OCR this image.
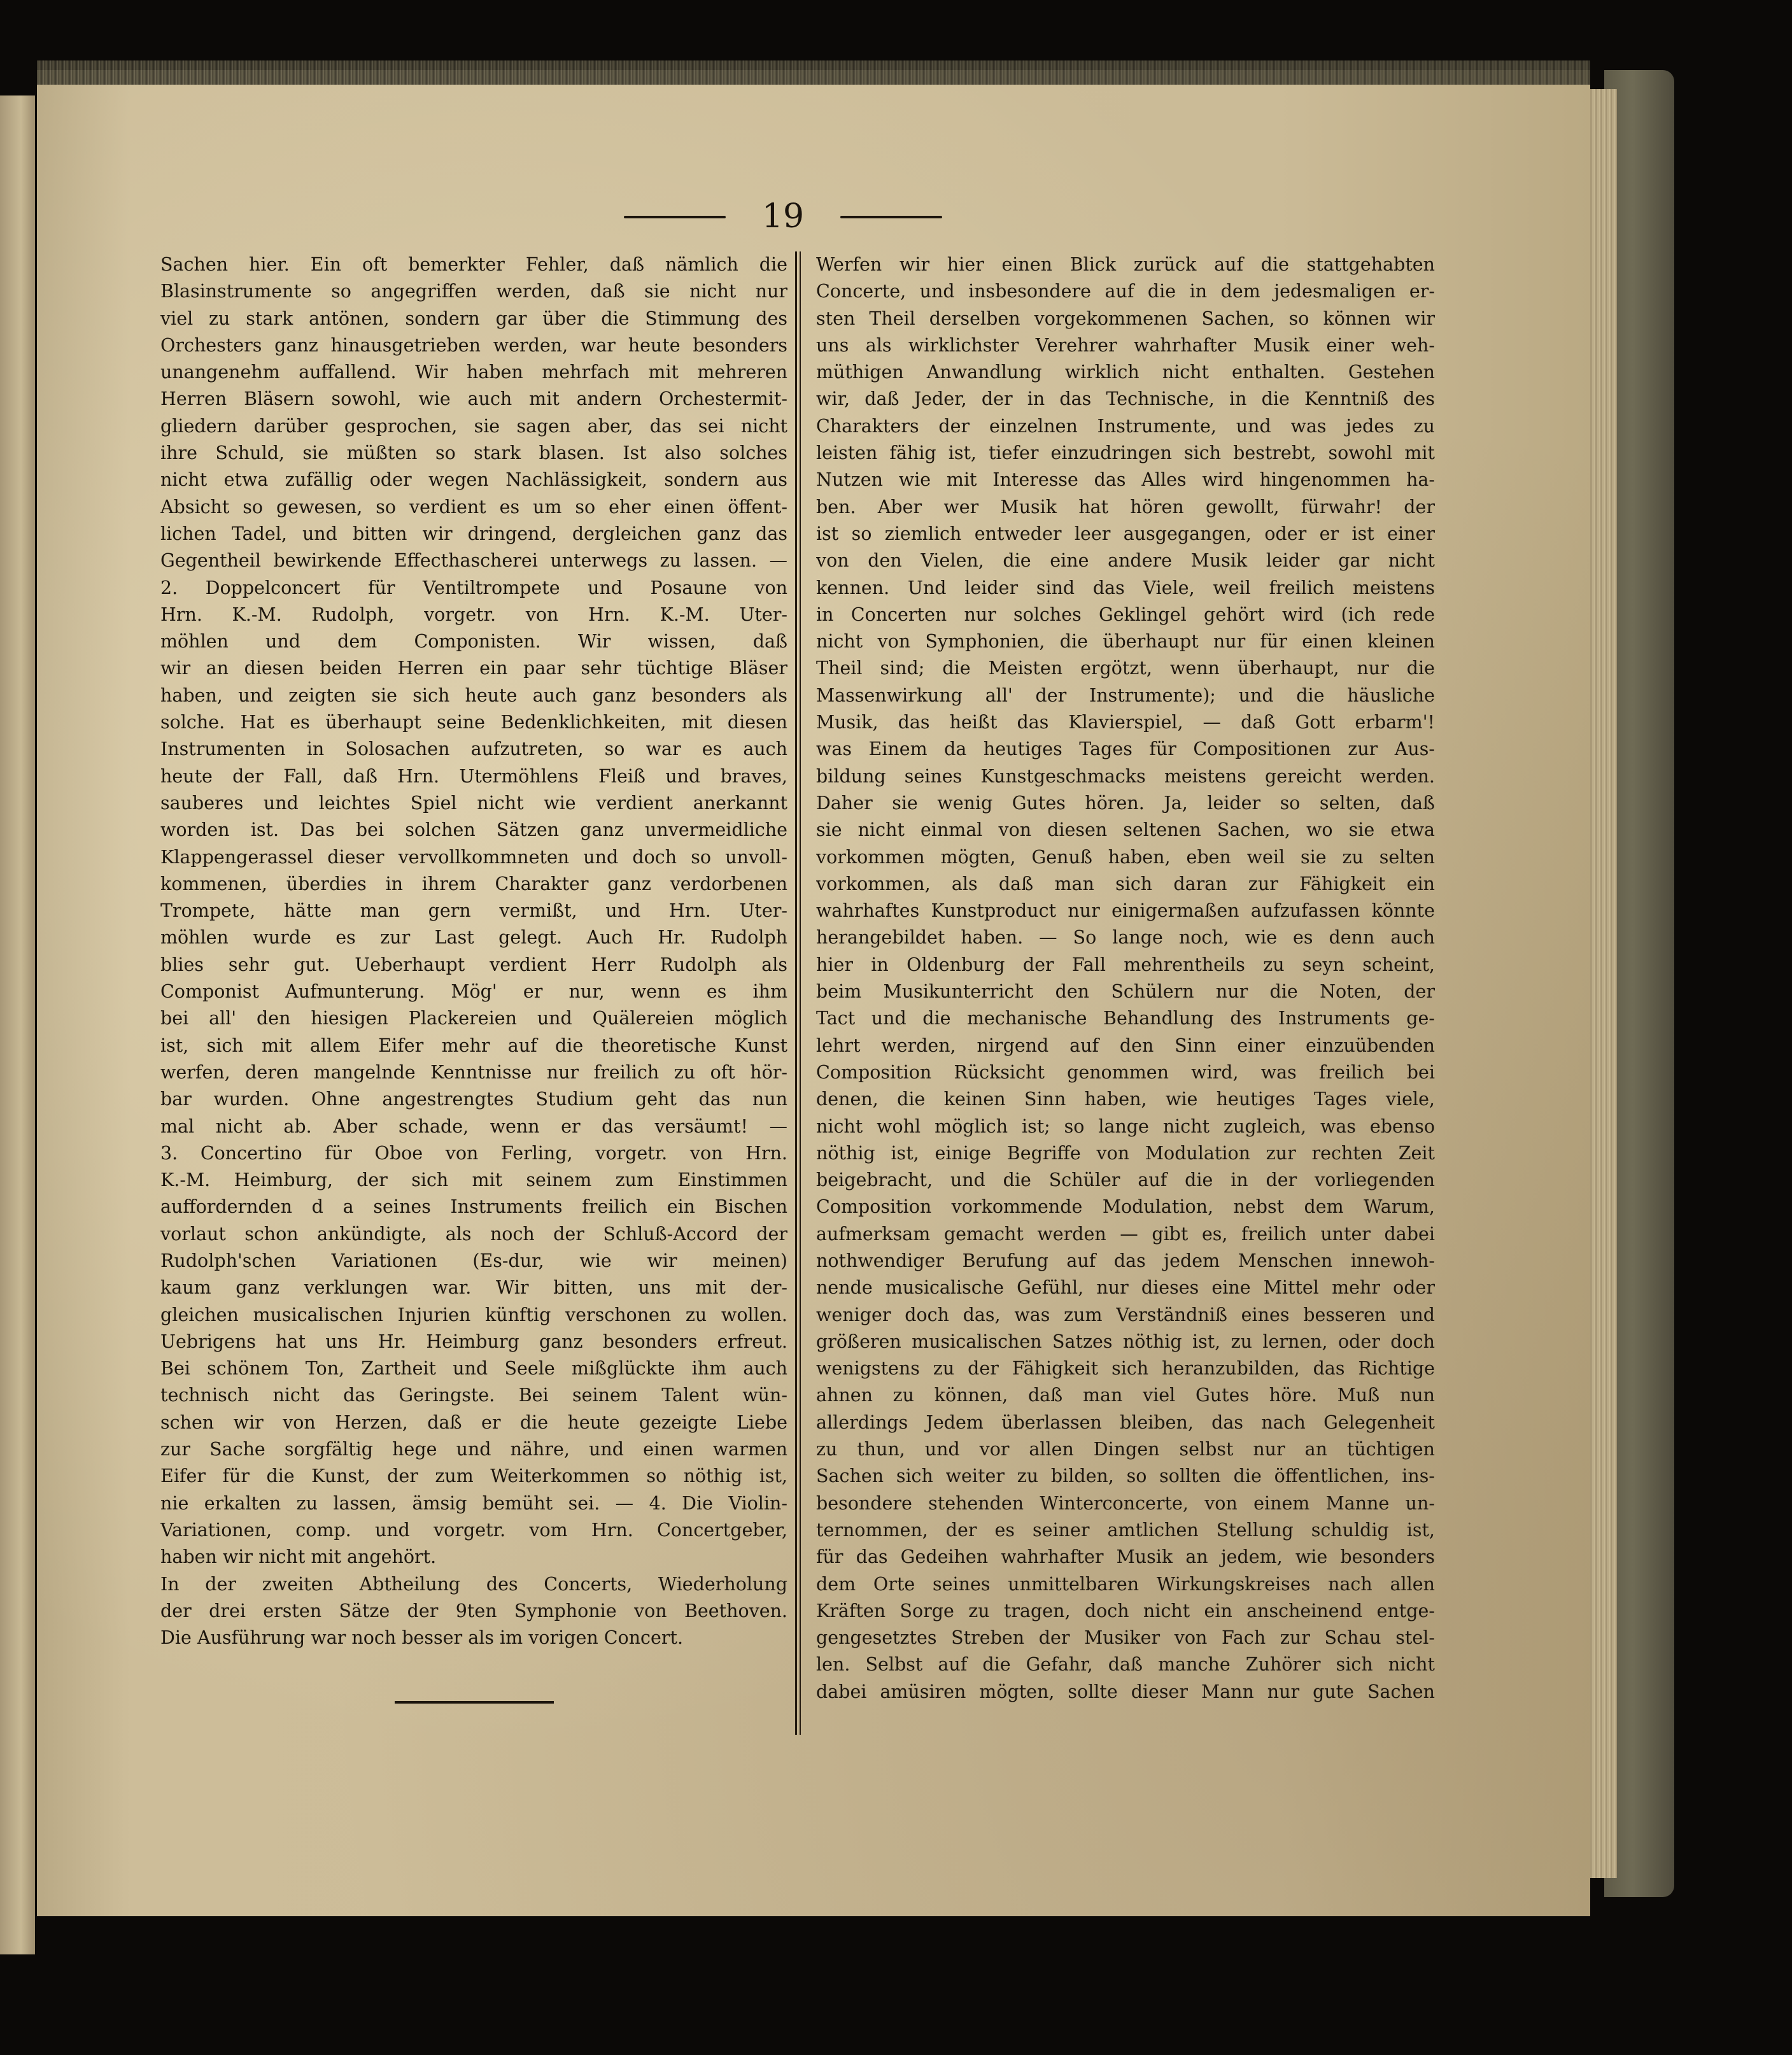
19
Sachen hier. Ein oft bemerkter Fehler, daß nämlich die
Blasinstrumente so angegriffen werden, daß sie nicht nur
viel zu stark antönen, sondern gar über die Stimmung des
Orchesters ganz hinausgetrieben werden, war heute besonders
unangenehm auffallend. Wir haben mehrfach mit mehreren
Herren Bläsern sowohl, wie auch mit andern Orchestermit-
gliedern darüber gesprochen, sie sagen aber, das sei nicht
ihre Schuld, sie müßten so stark blasen. Ist also solches
nicht etwa zufällig oder wegen Nachlässigkeit, sondern aus
Absicht so gewesen, so verdient es um so eher einen öffent-
lichen Tadel, und bitten wir dringend, dergleichen ganz das
Gegentheil bewirkende Effecthascherei unterwegs zu lassen. —
2. Doppelconcert für Ventiltrompete und Posaune von
Hrn. K.-M. Rudolph, vorgetr. von Hrn. K.-M. Uter-
möhlen und dem Componisten. Wir wissen, daß
wir an diesen beiden Herren ein paar sehr tüchtige Bläser
haben, und zeigten sie sich heute auch ganz besonders als
solche. Hat es überhaupt seine Bedenklichkeiten, mit diesen
Instrumenten in Solosachen aufzutreten, so war es auch
heute der Fall, daß Hrn. Utermöhlens Fleiß und braves,
sauberes und leichtes Spiel nicht wie verdient anerkannt
worden ist. Das bei solchen Sätzen ganz unvermeidliche
Klappengerassel dieser vervollkommneten und doch so unvoll-
kommenen, überdies in ihrem Charakter ganz verdorbenen
Trompete, hätte man gern vermißt, und Hrn. Uter-
möhlen wurde es zur Last gelegt. Auch Hr. Rudolph
blies sehr gut. Ueberhaupt verdient Herr Rudolph als
Componist Aufmunterung. Mög' er nur, wenn es ihm
bei all' den hiesigen Plackereien und Quälereien möglich
ist, sich mit allem Eifer mehr auf die theoretische Kunst
werfen, deren mangelnde Kenntnisse nur freilich zu oft hör-
bar wurden. Ohne angestrengtes Studium geht das nun
mal nicht ab. Aber schade, wenn er das versäumt! —
3. Concertino für Oboe von Ferling, vorgetr. von Hrn.
K.-M. Heimburg, der sich mit seinem zum Einstimmen
auffordernden d a seines Instruments freilich ein Bischen
vorlaut schon ankündigte, als noch der Schluß-Accord der
Rudolph'schen Variationen (Es-dur, wie wir meinen)
kaum ganz verklungen war. Wir bitten, uns mit der-
gleichen musicalischen Injurien künftig verschonen zu wollen.
Uebrigens hat uns Hr. Heimburg ganz besonders erfreut.
Bei schönem Ton, Zartheit und Seele mißglückte ihm auch
technisch nicht das Geringste. Bei seinem Talent wün-
schen wir von Herzen, daß er die heute gezeigte Liebe
zur Sache sorgfältig hege und nähre, und einen warmen
Eifer für die Kunst, der zum Weiterkommen so nöthig ist,
nie erkalten zu lassen, ämsig bemüht sei. — 4. Die Violin-
Variationen, comp. und vorgetr. vom Hrn. Concertgeber,
haben wir nicht mit angehört.
In der zweiten Abtheilung des Concerts, Wiederholung
der drei ersten Sätze der 9ten Symphonie von Beethoven.
Die Ausführung war noch besser als im vorigen Concert.
Werfen wir hier einen Blick zurück auf die stattgehabten
Concerte, und insbesondere auf die in dem jedesmaligen er-
sten Theil derselben vorgekommenen Sachen, so können wir
uns als wirklichster Verehrer wahrhafter Musik einer weh-
müthigen Anwandlung wirklich nicht enthalten. Gestehen
wir, daß Jeder, der in das Technische, in die Kenntniß des
Charakters der einzelnen Instrumente, und was jedes zu
leisten fähig ist, tiefer einzudringen sich bestrebt, sowohl mit
Nutzen wie mit Interesse das Alles wird hingenommen ha-
ben. Aber wer Musik hat hören gewollt, fürwahr! der
ist so ziemlich entweder leer ausgegangen, oder er ist einer
von den Vielen, die eine andere Musik leider gar nicht
kennen. Und leider sind das Viele, weil freilich meistens
in Concerten nur solches Geklingel gehört wird (ich rede
nicht von Symphonien, die überhaupt nur für einen kleinen
Theil sind; die Meisten ergötzt, wenn überhaupt, nur die
Massenwirkung all' der Instrumente); und die häusliche
Musik, das heißt das Klavierspiel, — daß Gott erbarm'!
was Einem da heutiges Tages für Compositionen zur Aus-
bildung seines Kunstgeschmacks meistens gereicht werden.
Daher sie wenig Gutes hören. Ja, leider so selten, daß
sie nicht einmal von diesen seltenen Sachen, wo sie etwa
vorkommen mögten, Genuß haben, eben weil sie zu selten
vorkommen, als daß man sich daran zur Fähigkeit ein
wahrhaftes Kunstproduct nur einigermaßen aufzufassen könnte
herangebildet haben. — So lange noch, wie es denn auch
hier in Oldenburg der Fall mehrentheils zu seyn scheint,
beim Musikunterricht den Schülern nur die Noten, der
Tact und die mechanische Behandlung des Instruments ge-
lehrt werden, nirgend auf den Sinn einer einzuübenden
Composition Rücksicht genommen wird, was freilich bei
denen, die keinen Sinn haben, wie heutiges Tages viele,
nicht wohl möglich ist; so lange nicht zugleich, was ebenso
nöthig ist, einige Begriffe von Modulation zur rechten Zeit
beigebracht, und die Schüler auf die in der vorliegenden
Composition vorkommende Modulation, nebst dem Warum,
aufmerksam gemacht werden — gibt es, freilich unter dabei
nothwendiger Berufung auf das jedem Menschen innewoh-
nende musicalische Gefühl, nur dieses eine Mittel mehr oder
weniger doch das, was zum Verständniß eines besseren und
größeren musicalischen Satzes nöthig ist, zu lernen, oder doch
wenigstens zu der Fähigkeit sich heranzubilden, das Richtige
ahnen zu können, daß man viel Gutes höre. Muß nun
allerdings Jedem überlassen bleiben, das nach Gelegenheit
zu thun, und vor allen Dingen selbst nur an tüchtigen
Sachen sich weiter zu bilden, so sollten die öffentlichen, ins-
besondere stehenden Winterconcerte, von einem Manne un-
ternommen, der es seiner amtlichen Stellung schuldig ist,
für das Gedeihen wahrhafter Musik an jedem, wie besonders
dem Orte seines unmittelbaren Wirkungskreises nach allen
Kräften Sorge zu tragen, doch nicht ein anscheinend entge-
gengesetztes Streben der Musiker von Fach zur Schau stel-
len. Selbst auf die Gefahr, daß manche Zuhörer sich nicht
dabei amüsiren mögten, sollte dieser Mann nur gute Sachen
